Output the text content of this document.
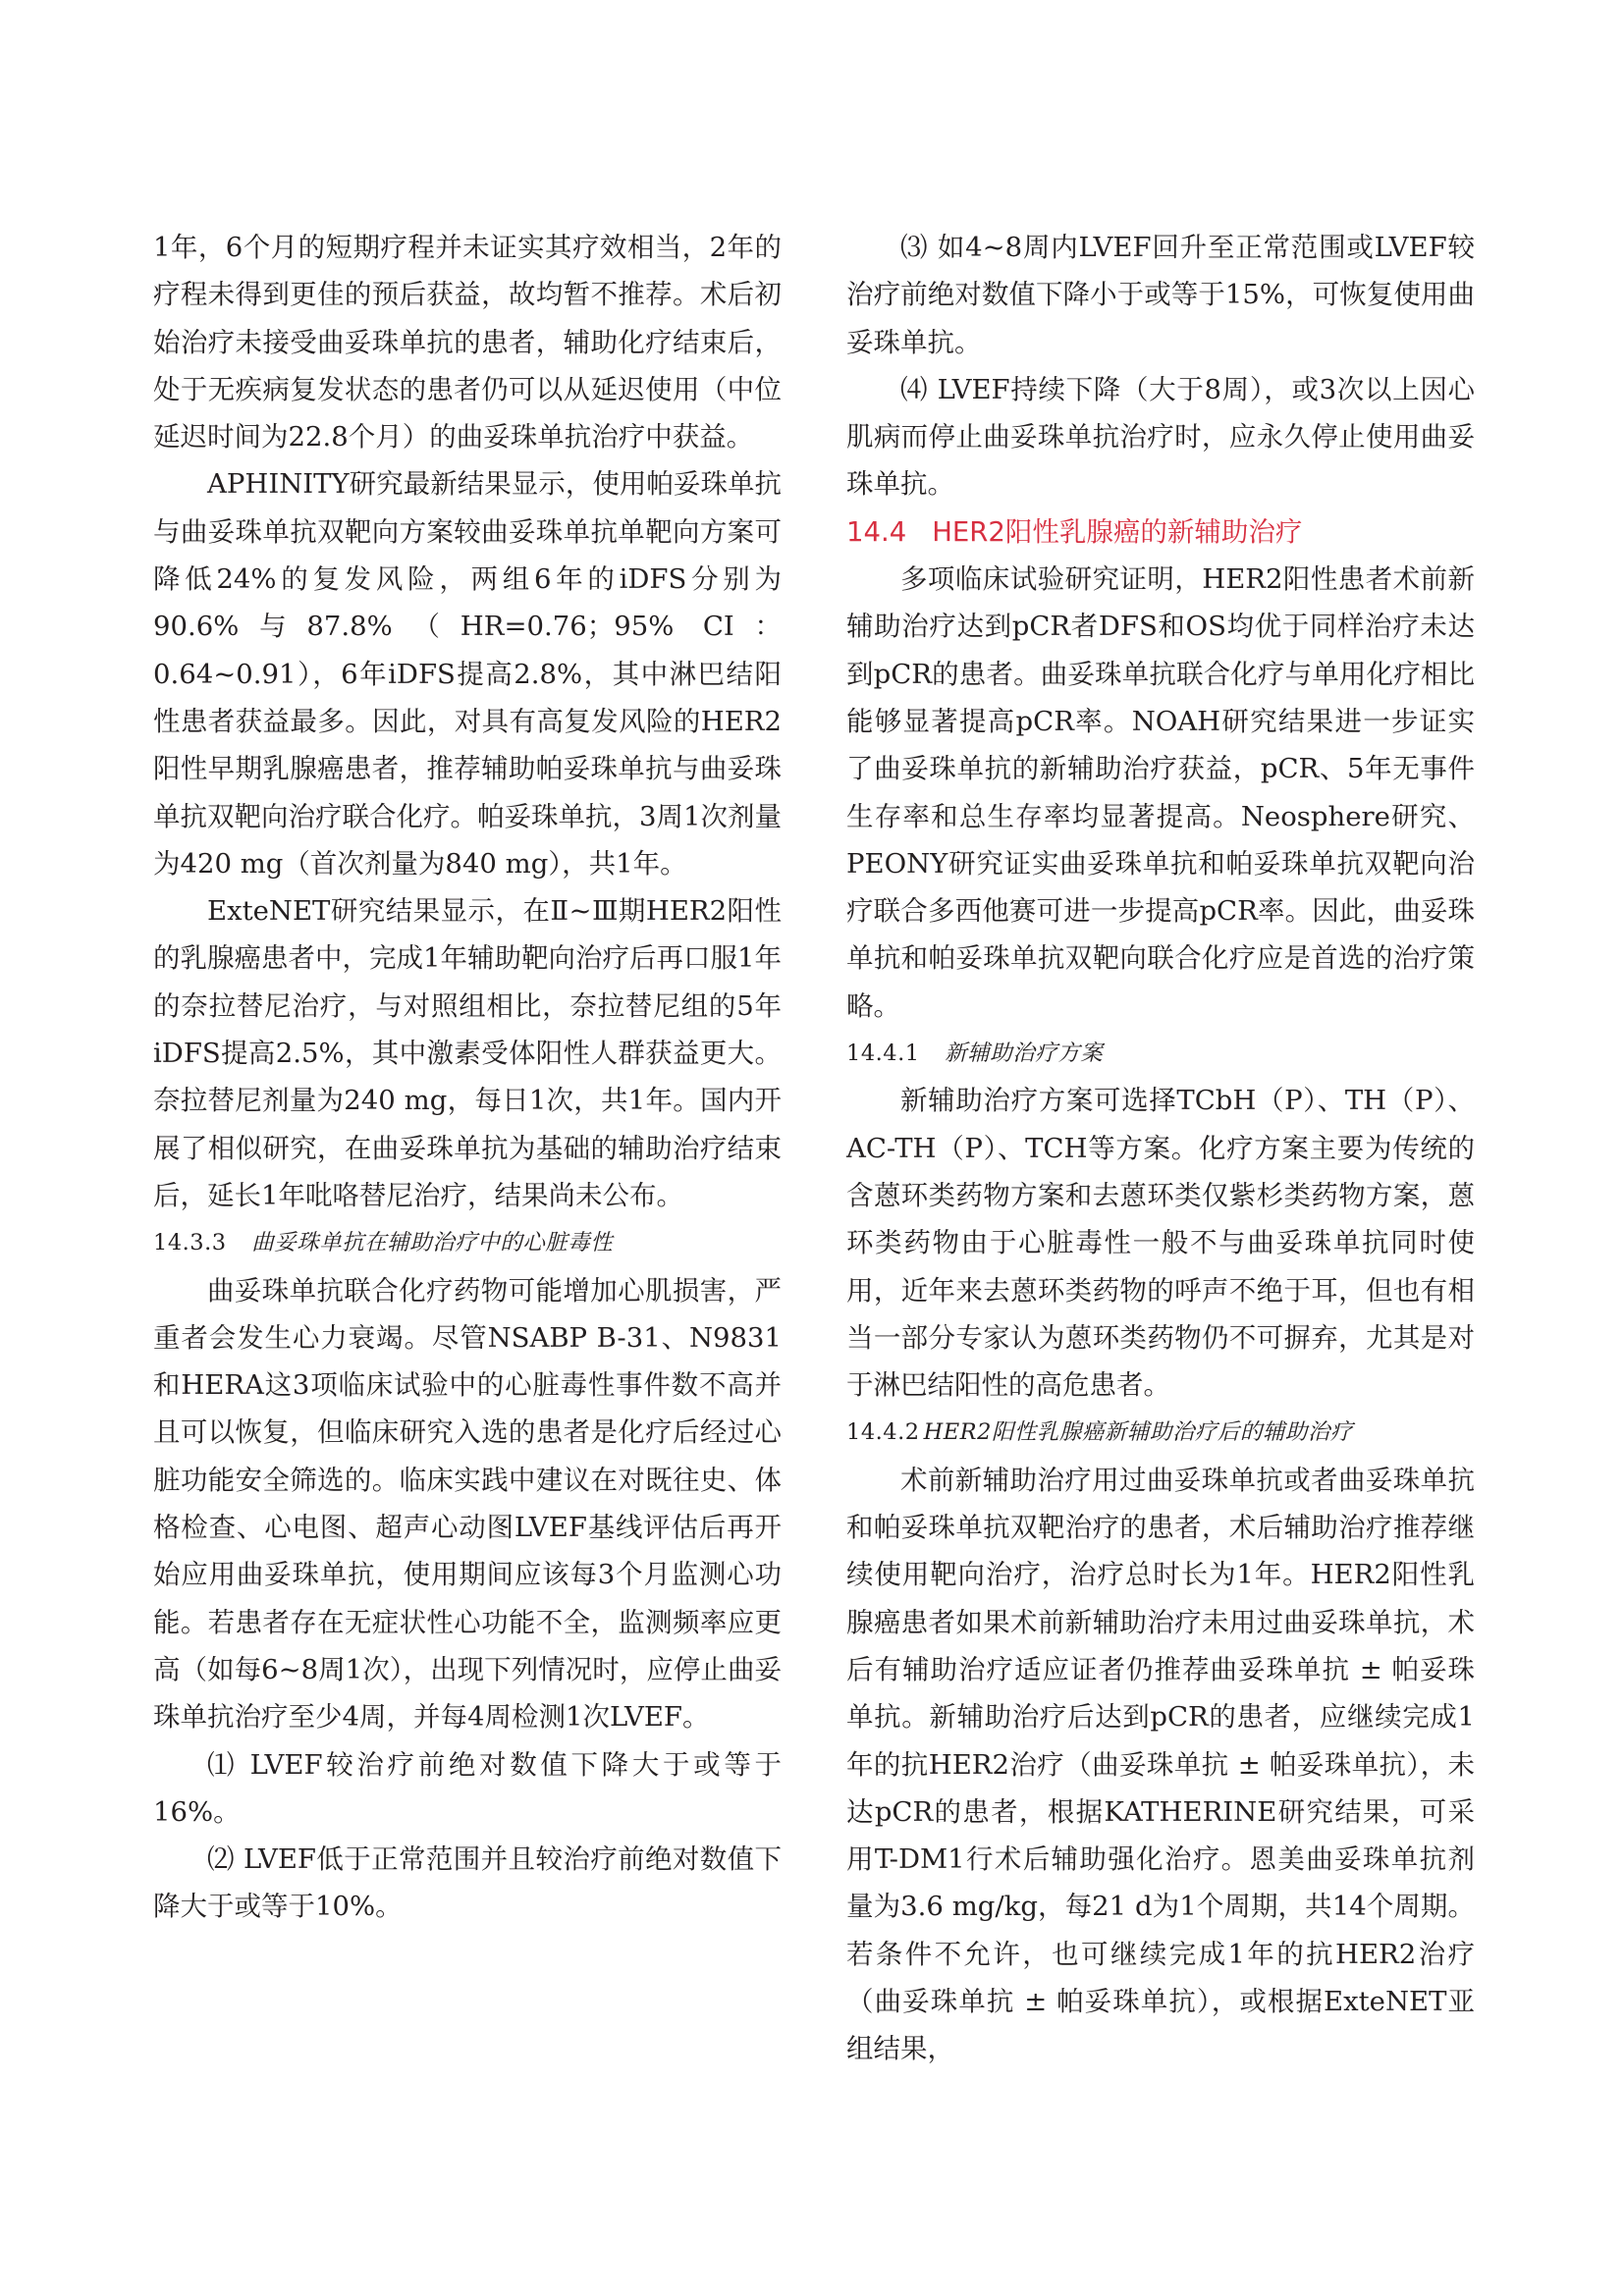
1年，6个月的短期疗程并未证实其疗效相当，2年的疗程未得到更佳的预后获益，故均暂不推荐。术后初始治疗未接受曲妥珠单抗的患者，辅助化疗结束后，处于无疾病复发状态的患者仍可以从延迟使用（中位延迟时间为22.8个月）的曲妥珠单抗治疗中获益。

APHINITY研究最新结果显示，使用帕妥珠单抗与曲妥珠单抗双靶向方案较曲妥珠单抗单靶向方案可降低24%的复发风险，两组6年的iDFS分别为90.6%与87.8%（HR=0.76；95% CI：0.64~0.91），6年iDFS提高2.8%，其中淋巴结阳性患者获益最多。因此，对具有高复发风险的HER2阳性早期乳腺癌患者，推荐辅助帕妥珠单抗与曲妥珠单抗双靶向治疗联合化疗。帕妥珠单抗，3周1次剂量为420 mg（首次剂量为840 mg），共1年。

ExteNET研究结果显示，在Ⅱ~Ⅲ期HER2阳性的乳腺癌患者中，完成1年辅助靶向治疗后再口服1年的奈拉替尼治疗，与对照组相比，奈拉替尼组的5年iDFS提高2.5%，其中激素受体阳性人群获益更大。奈拉替尼剂量为240 mg，每日1次，共1年。国内开展了相似研究，在曲妥珠单抗为基础的辅助治疗结束后，延长1年吡咯替尼治疗，结果尚未公布。

14.3.3 曲妥珠单抗在辅助治疗中的心脏毒性

曲妥珠单抗联合化疗药物可能增加心肌损害，严重者会发生心力衰竭。尽管NSABP B-31、N9831和HERA这3项临床试验中的心脏毒性事件数不高并且可以恢复，但临床研究入选的患者是化疗后经过心脏功能安全筛选的。临床实践中建议在对既往史、体格检查、心电图、超声心动图LVEF基线评估后再开始应用曲妥珠单抗，使用期间应该每3个月监测心功能。若患者存在无症状性心功能不全，监测频率应更高（如每6~8周1次），出现下列情况时，应停止曲妥珠单抗治疗至少4周，并每4周检测1次LVEF。

⑴ LVEF较治疗前绝对数值下降大于或等于16%。

⑵ LVEF低于正常范围并且较治疗前绝对数值下降大于或等于10%。

⑶ 如4~8周内LVEF回升至正常范围或LVEF较治疗前绝对数值下降小于或等于15%，可恢复使用曲妥珠单抗。

⑷ LVEF持续下降（大于8周），或3次以上因心肌病而停止曲妥珠单抗治疗时，应永久停止使用曲妥珠单抗。

14.4 HER2阳性乳腺癌的新辅助治疗

多项临床试验研究证明，HER2阳性患者术前新辅助治疗达到pCR者DFS和OS均优于同样治疗未达到pCR的患者。曲妥珠单抗联合化疗与单用化疗相比能够显著提高pCR率。NOAH研究结果进一步证实了曲妥珠单抗的新辅助治疗获益，pCR、5年无事件生存率和总生存率均显著提高。Neosphere研究、PEONY研究证实曲妥珠单抗和帕妥珠单抗双靶向治疗联合多西他赛可进一步提高pCR率。因此，曲妥珠单抗和帕妥珠单抗双靶向联合化疗应是首选的治疗策略。

14.4.1 新辅助治疗方案

新辅助治疗方案可选择TCbH（P）、TH（P）、AC-TH（P）、TCH等方案。化疗方案主要为传统的含蒽环类药物方案和去蒽环类仅紫杉类药物方案，蒽环类药物由于心脏毒性一般不与曲妥珠单抗同时使用，近年来去蒽环类药物的呼声不绝于耳，但也有相当一部分专家认为蒽环类药物仍不可摒弃，尤其是对于淋巴结阳性的高危患者。

14.4.2 HER2阳性乳腺癌新辅助治疗后的辅助治疗

术前新辅助治疗用过曲妥珠单抗或者曲妥珠单抗和帕妥珠单抗双靶治疗的患者，术后辅助治疗推荐继续使用靶向治疗，治疗总时长为1年。HER2阳性乳腺癌患者如果术前新辅助治疗未用过曲妥珠单抗，术后有辅助治疗适应证者仍推荐曲妥珠单抗 ± 帕妥珠单抗。新辅助治疗后达到pCR的患者，应继续完成1年的抗HER2治疗（曲妥珠单抗 ± 帕妥珠单抗），未达pCR的患者，根据KATHERINE研究结果，可采用T-DM1行术后辅助强化治疗。恩美曲妥珠单抗剂量为3.6 mg/kg，每21 d为1个周期，共14个周期。若条件不允许，也可继续完成1年的抗HER2治疗（曲妥珠单抗 ± 帕妥珠单抗），或根据ExteNET亚组结果，
